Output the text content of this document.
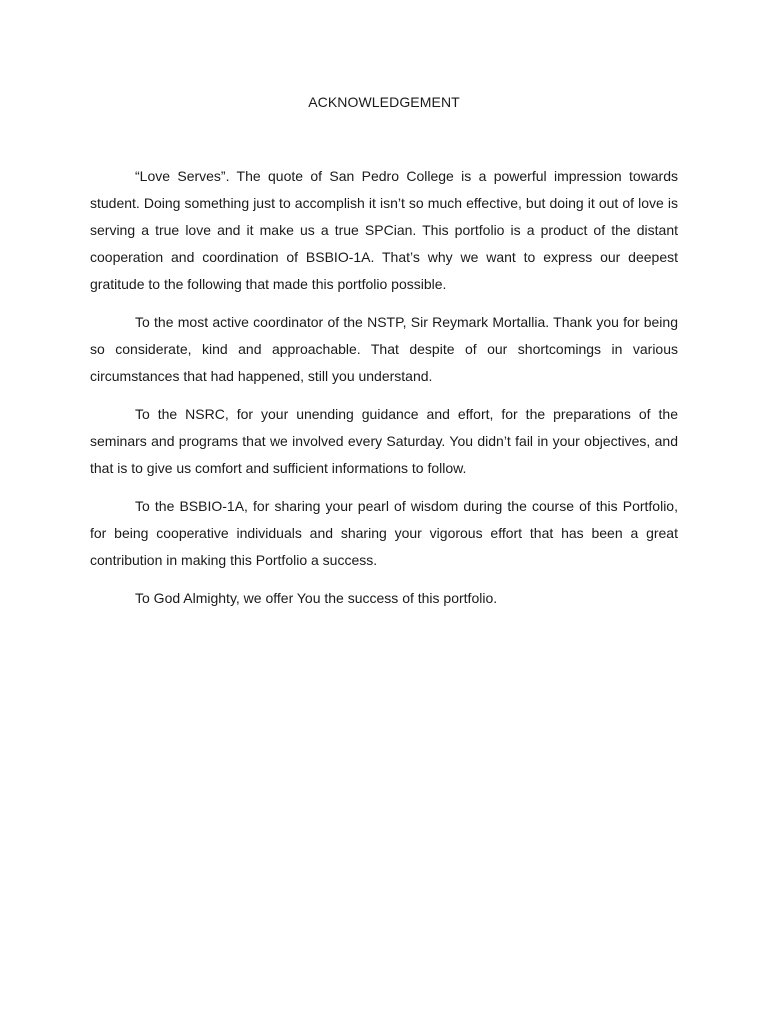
ACKNOWLEDGEMENT

“Love Serves”. The quote of San Pedro College is a powerful impression towards student. Doing something just to accomplish it isn’t so much effective, but doing it out of love is serving a true love and it make us a true SPCian. This portfolio is a product of the distant cooperation and coordination of BSBIO-1A. That’s why we want to express our deepest gratitude to the following that made this portfolio possible.

To the most active coordinator of the NSTP, Sir Reymark Mortallia. Thank you for being so considerate, kind and approachable. That despite of our shortcomings in various circumstances that had happened, still you understand.

To the NSRC, for your unending guidance and effort, for the preparations of the seminars and programs that we involved every Saturday. You didn’t fail in your objectives, and that is to give us comfort and sufficient informations to follow.

To the BSBIO-1A, for sharing your pearl of wisdom during the course of this Portfolio, for being cooperative individuals and sharing your vigorous effort that has been a great contribution in making this Portfolio a success.

To God Almighty, we offer You the success of this portfolio.
